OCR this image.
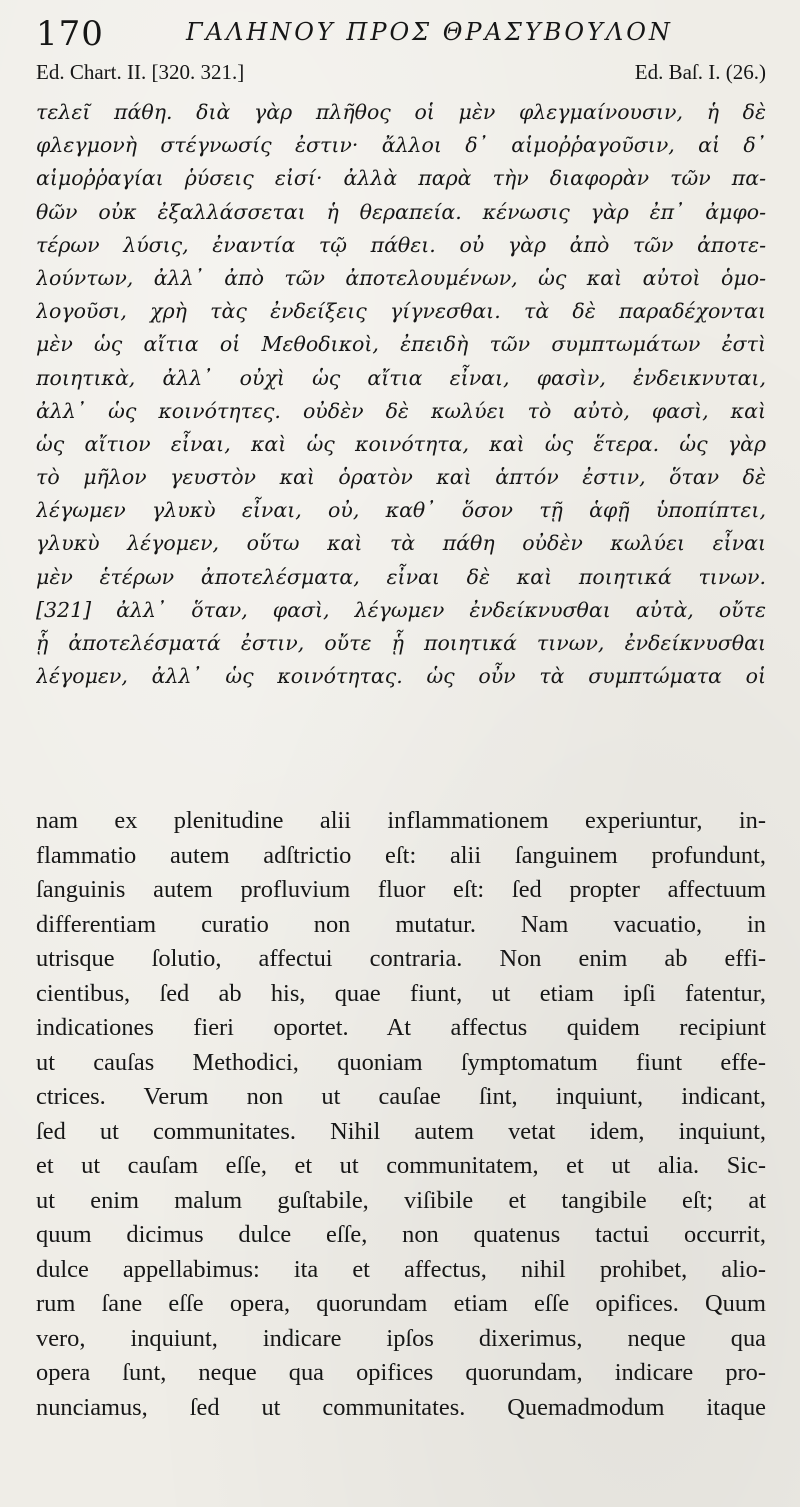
170	ΓΑΛΗΝΟΥ ΠΡΟΣ ΘΡΑΣΥΒΟΥΛΟΝ
Ed. Chart. II. [320. 321.]	Ed. Baſ. I. (26.)
τελεῖ πάθη. διὰ γὰρ πλῆθος οἱ μὲν φλεγμαίνουσιν, ἡ δὲ
φλεγμονὴ στέγνωσίς ἐστιν· ἄλλοι δ᾽ αἱμοῤῥαγοῦσιν, αἱ δ᾽
αἱμοῤῥαγίαι ῥύσεις εἰσί· ἀλλὰ παρὰ τὴν διαφορὰν τῶν πα-
θῶν οὐκ ἐξαλλάσσεται ἡ θεραπεία. κένωσις γὰρ ἐπ᾽ ἀμφο-
τέρων λύσις, ἐναντία τῷ πάθει. οὐ γὰρ ἀπὸ τῶν ἀποτε-
λούντων, ἀλλ᾽ ἀπὸ τῶν ἀποτελουμένων, ὡς καὶ αὐτοὶ ὁμο-
λογοῦσι, χρὴ τὰς ἐνδείξεις γίγνεσθαι. τὰ δὲ παραδέχονται
μὲν ὡς αἴτια οἱ Μεθοδικοὶ, ἐπειδὴ τῶν συμπτωμάτων ἐστὶ
ποιητικὰ, ἀλλ᾽ οὐχὶ ὡς αἴτια εἶναι, φασὶν, ἐνδεικνυται,
ἀλλ᾽ ὡς κοινότητες. οὐδὲν δὲ κωλύει τὸ αὐτὸ, φασὶ, καὶ
ὡς αἴτιον εἶναι, καὶ ὡς κοινότητα, καὶ ὡς ἕτερα. ὡς γὰρ
τὸ μῆλον γευστὸν καὶ ὁρατὸν καὶ ἁπτόν ἐστιν, ὅταν δὲ
λέγωμεν γλυκὺ εἶναι, οὐ, καθ᾽ ὅσον τῇ ἁφῇ ὑποπίπτει,
γλυκὺ λέγομεν, οὕτω καὶ τὰ πάθη οὐδὲν κωλύει εἶναι
μὲν ἑτέρων ἀποτελέσματα, εἶναι δὲ καὶ ποιητικά τινων.
[321] ἀλλ᾽ ὅταν, φασὶ, λέγωμεν ἐνδείκνυσθαι αὐτὰ, οὔτε
ᾗ ἀποτελέσματά ἐστιν, οὔτε ᾗ ποιητικά τινων, ἐνδείκνυσθαι
λέγομεν, ἀλλ᾽ ὡς κοινότητας. ὡς οὖν τὰ συμπτώματα οἱ
nam ex plenitudine alii inflammationem experiuntur, in-
flammatio autem adſtrictio eſt: alii ſanguinem profundunt,
ſanguinis autem profluvium fluor eſt: ſed propter affectuum
differentiam curatio non mutatur. Nam vacuatio, in
utrisque ſolutio, affectui contraria. Non enim ab effi-
cientibus, ſed ab his, quae fiunt, ut etiam ipſi fatentur,
indicationes fieri oportet. At affectus quidem recipiunt
ut cauſas Methodici, quoniam ſymptomatum fiunt effe-
ctrices. Verum non ut cauſae ſint, inquiunt, indicant,
ſed ut communitates. Nihil autem vetat idem, inquiunt,
et ut cauſam eſſe, et ut communitatem, et ut alia. Sic-
ut enim malum guſtabile, viſibile et tangibile eſt; at
quum dicimus dulce eſſe, non quatenus tactui occurrit,
dulce appellabimus: ita et affectus, nihil prohibet, alio-
rum ſane eſſe opera, quorundam etiam eſſe opifices. Quum
vero, inquiunt, indicare ipſos dixerimus, neque qua
opera ſunt, neque qua opifices quorundam, indicare pro-
nunciamus, ſed ut communitates. Quemadmodum itaque
